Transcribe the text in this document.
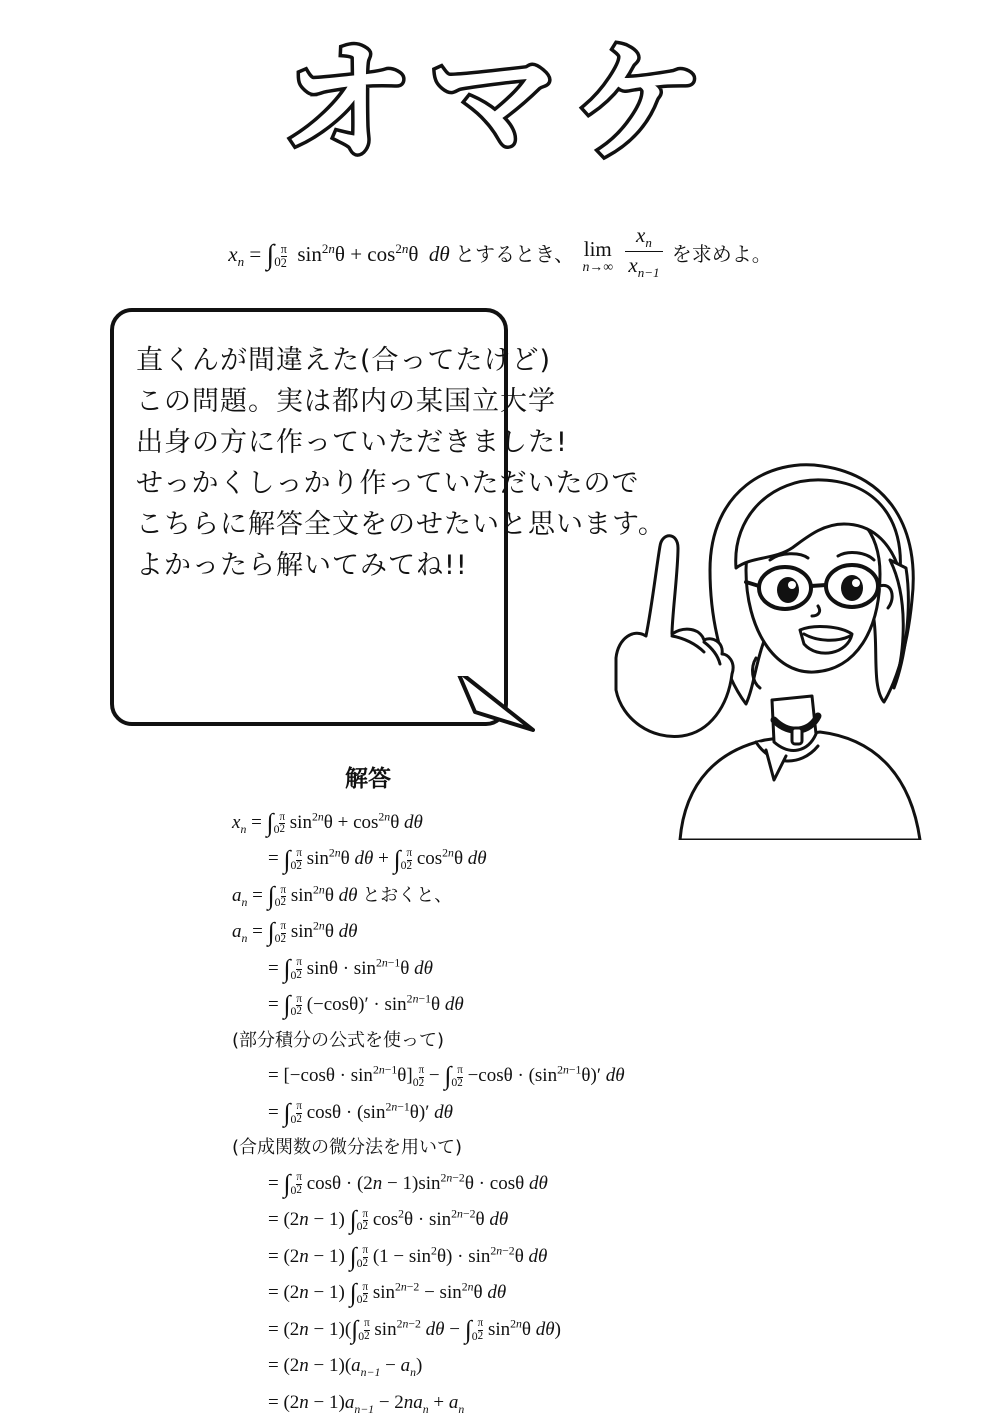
オマケ
$x_n = \int_0 \frac{\pi}{2} \sin^{2n}\theta + \cos^{2n}\theta$  dθ とするとき、 lim
n→∞
$\frac{x_n}{x_{n-1}}$ を求めよ。
直くんが間違えた(合ってたけど)
この問題。実は都内の某国立大学
出身の方に作っていただきました!
せっかくしっかり作っていただいたので
こちらに解答全文をのせたいと思います。
よかったら解いてみてね!!
解答
$x_n = \int_0 \frac{\pi}{2} \sin^{2n}\theta + \cos^{2n}\theta$ dθ
= $\int_0 \frac{\pi}{2} \sin^{2n}\theta$ $d\theta + \int_0 \frac{\pi}{2} \cos^{2n}\theta$ dθ
$a_n = \int_0 \frac{\pi}{2} \sin^{2n}\theta$ dθ とおくと、
$a_n = \int_0 \frac{\pi}{2} \sin^{2n}\theta$ dθ
= $\int_0 \frac{\pi}{2}$ $\sin\theta \cdot \sin^{2n-1}\theta$ dθ
= $\int_0 \frac{\pi}{2} (-\cos\theta)' \cdot \sin^{2n-1}\theta$ dθ
(部分積分の公式を使って)
= $[-\cos\theta \cdot \sin^{2n-1}\theta]_0 \frac{\pi}{2} - \int_0 \frac{\pi}{2} -\cos\theta \cdot (\sin^{2n-1}\theta)'$ dθ
= $\int_0 \frac{\pi}{2}$ $\cos\theta \cdot (\sin^{2n-1}\theta)'$ dθ
(合成関数の微分法を用いて)
= $\int_0 \frac{\pi}{2}$ $\cos\theta \cdot (2n - 1)\sin^{2n-2}\theta \cdot \cos\theta$ dθ
= (2n − 1) $\int_0 \frac{\pi}{2} \cos^2\theta \cdot \sin^{2n-2}\theta$ dθ
= (2n − 1) $\int_0 \frac{\pi}{2} (1 - \sin^2\theta) \cdot \sin^{2n-2}\theta$ dθ
= (2n − 1) $\int_0 \frac{\pi}{2} \sin^{2n-2} - \sin^{2n}\theta$ dθ
= $(2n - 1)(\int_0 \frac{\pi}{2} \sin^{2n-2} d\theta - \int_0 \frac{\pi}{2} \sin^{2n}\theta$ dθ)
= $(2n - 1)(a_{n-1} - a_n)$
= $(2n - 1)a_{n-1} - 2na_n + a_n$
